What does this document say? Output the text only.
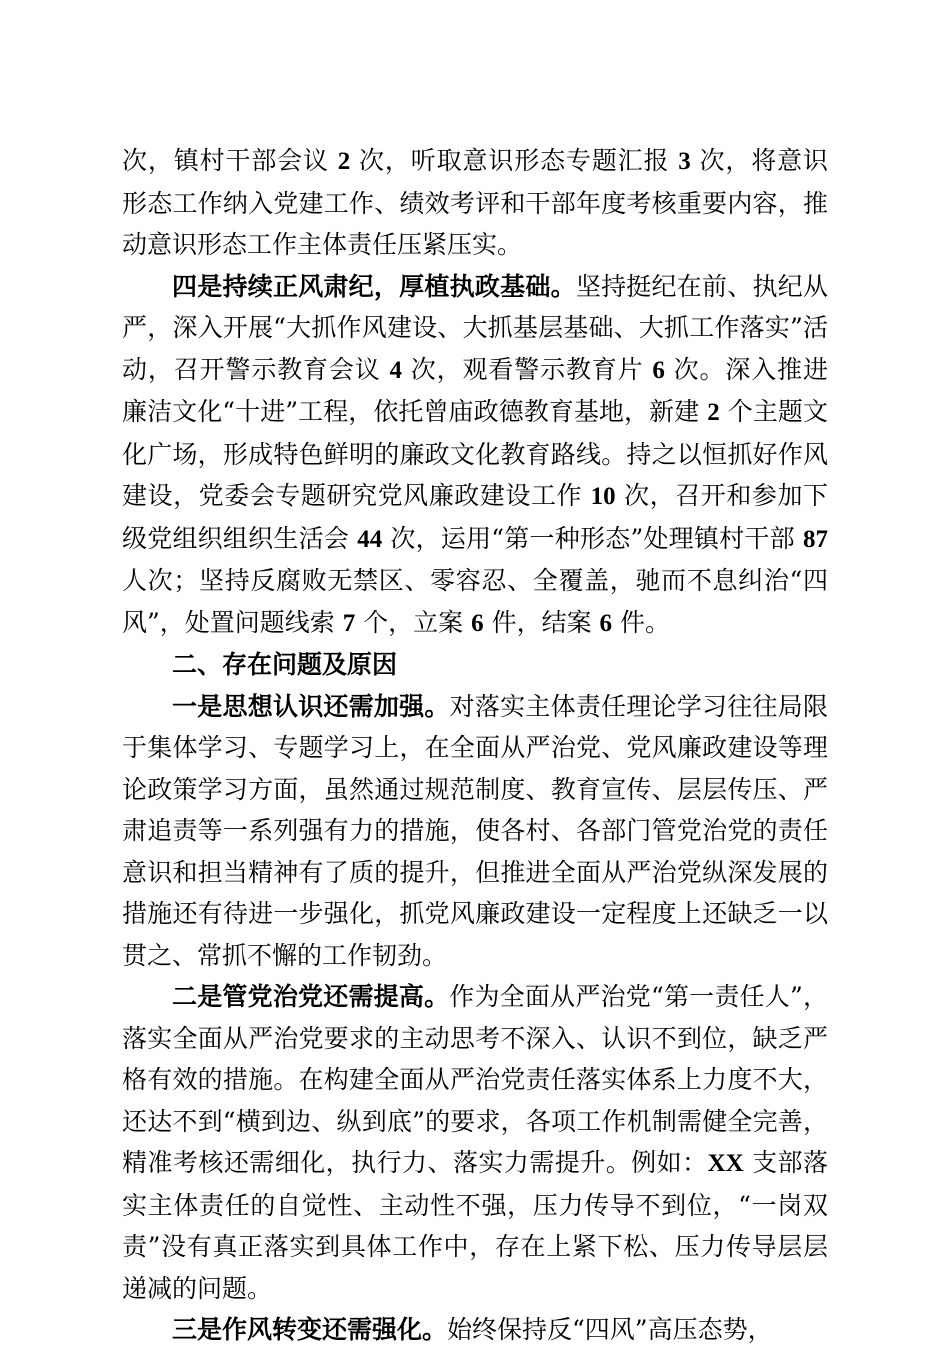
次，镇村干部会议 2 次，听取意识形态专题汇报 3 次，将意识形态工作纳入党建工作、绩效考评和干部年度考核重要内容，推动意识形态工作主体责任压紧压实。

四是持续正风肃纪，厚植执政基础。坚持挺纪在前、执纪从严，深入开展“大抓作风建设、大抓基层基础、大抓工作落实”活动，召开警示教育会议 4 次，观看警示教育片 6 次。深入推进廉洁文化“十进”工程，依托曾庙政德教育基地，新建 2 个主题文化广场，形成特色鲜明的廉政文化教育路线。持之以恒抓好作风建设，党委会专题研究党风廉政建设工作 10 次，召开和参加下级党组织组织生活会 44 次，运用“第一种形态”处理镇村干部 87 人次；坚持反腐败无禁区、零容忍、全覆盖，驰而不息纠治“四风”，处置问题线索 7 个，立案 6 件，结案 6 件。

二、存在问题及原因

一是思想认识还需加强。对落实主体责任理论学习往往局限于集体学习、专题学习上，在全面从严治党、党风廉政建设等理论政策学习方面，虽然通过规范制度、教育宣传、层层传压、严肃追责等一系列强有力的措施，使各村、各部门管党治党的责任意识和担当精神有了质的提升，但推进全面从严治党纵深发展的措施还有待进一步强化，抓党风廉政建设一定程度上还缺乏一以贯之、常抓不懈的工作韧劲。

二是管党治党还需提高。作为全面从严治党“第一责任人”，落实全面从严治党要求的主动思考不深入、认识不到位，缺乏严格有效的措施。在构建全面从严治党责任落实体系上力度不大，还达不到“横到边、纵到底”的要求，各项工作机制需健全完善，精准考核还需细化，执行力、落实力需提升。例如：XX 支部落实主体责任的自觉性、主动性不强，压力传导不到位，“一岗双责”没有真正落实到具体工作中，存在上紧下松、压力传导层层递减的问题。

三是作风转变还需强化。始终保持反“四风”高压态势，
